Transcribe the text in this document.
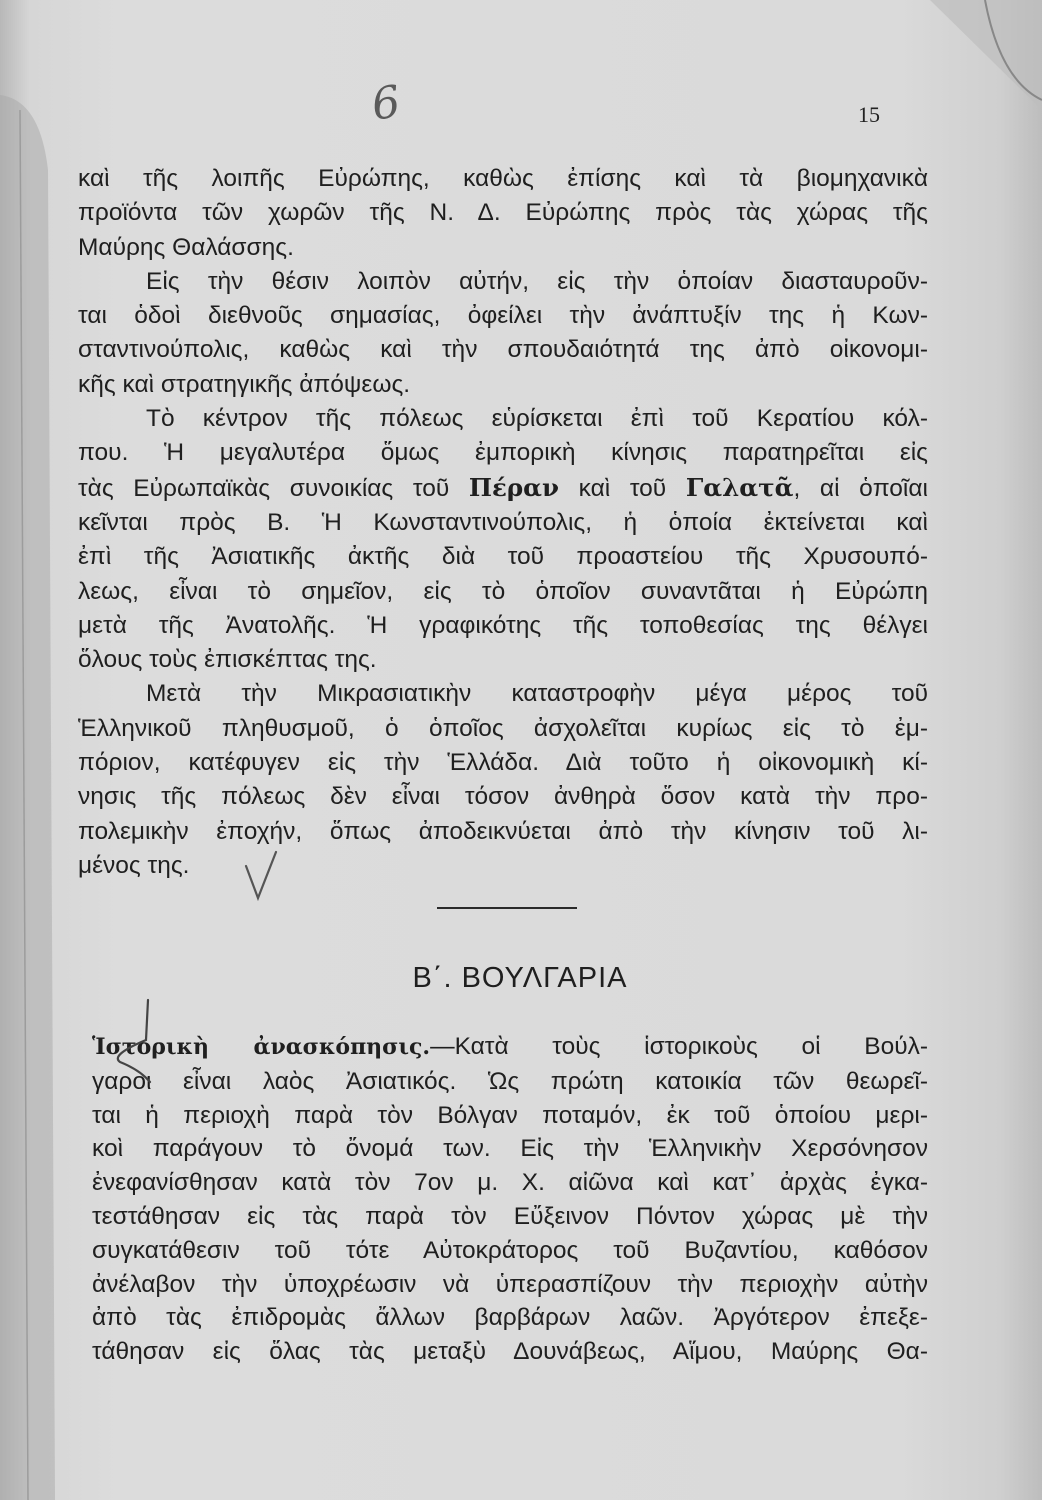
6	15
καὶ τῆς λοιπῆς Εὐρώπης, καθὼς ἐπίσης καὶ τὰ βιομηχανικὰ
προϊόντα τῶν χωρῶν τῆς Ν. Δ. Εὐρώπης πρὸς τὰς χώρας τῆς
Μαύρης Θαλάσσης.
Εἰς τὴν θέσιν λοιπὸν αὐτήν, εἰς τὴν ὁποίαν διασταυροῦν-
ται ὁδοὶ διεθνοῦς σημασίας, ὀφείλει τὴν ἀνάπτυξίν της ἡ Κων-
σταντινούπολις, καθὼς καὶ τὴν σπουδαιότητά της ἀπὸ οἰκονομι-
κῆς καὶ στρατηγικῆς ἀπόψεως.
Τὸ κέντρον τῆς πόλεως εὑρίσκεται ἐπὶ τοῦ Κερατίου κόλ-
που. Ἡ μεγαλυτέρα ὅμως ἐμπορικὴ κίνησις παρατηρεῖται εἰς
τὰς Εὐρωπαϊκὰς συνοικίας τοῦ Πέραν καὶ τοῦ Γαλατᾶ, αἱ ὁποῖαι
κεῖνται πρὸς Β. Ἡ Κωνσταντινούπολις, ἡ ὁποία ἐκτείνεται καὶ
ἐπὶ τῆς Ἀσιατικῆς ἀκτῆς διὰ τοῦ προαστείου τῆς Χρυσουπό-
λεως, εἶναι τὸ σημεῖον, εἰς τὸ ὁποῖον συναντᾶται ἡ Εὐρώπη
μετὰ τῆς Ἀνατολῆς. Ἡ γραφικότης τῆς τοποθεσίας της θέλγει
ὅλους τοὺς ἐπισκέπτας της.
Μετὰ τὴν Μικρασιατικὴν καταστροφὴν μέγα μέρος τοῦ
Ἑλληνικοῦ πληθυσμοῦ, ὁ ὁποῖος ἀσχολεῖται κυρίως εἰς τὸ ἐμ-
πόριον, κατέφυγεν εἰς τὴν Ἑλλάδα. Διὰ τοῦτο ἡ οἰκονομικὴ κί-
νησις τῆς πόλεως δὲν εἶναι τόσον ἀνθηρὰ ὅσον κατὰ τὴν προ-
πολεμικὴν ἐποχήν, ὅπως ἀποδεικνύεται ἀπὸ τὴν κίνησιν τοῦ λι-
μένος της.
Β΄. ΒΟΥΛΓΑΡΙΑ
Ἱστορικὴ ἀνασκόπησις.—Κατὰ τοὺς ἱστορικοὺς οἱ Βούλ-
γαροι εἶναι λαὸς Ἀσιατικός. Ὡς πρώτη κατοικία τῶν θεωρεῖ-
ται ἡ περιοχὴ παρὰ τὸν Βόλγαν ποταμόν, ἐκ τοῦ ὁποίου μερι-
κοὶ παράγουν τὸ ὄνομά των. Εἰς τὴν Ἑλληνικὴν Χερσόνησον
ἐνεφανίσθησαν κατὰ τὸν 7ον μ. Χ. αἰῶνα καὶ κατ᾽ ἀρχὰς ἐγκα-
τεστάθησαν εἰς τὰς παρὰ τὸν Εὔξεινον Πόντον χώρας μὲ τὴν
συγκατάθεσιν τοῦ τότε Αὐτοκράτορος τοῦ Βυζαντίου, καθόσον
ἀνέλαβον τὴν ὑποχρέωσιν νὰ ὑπερασπίζουν τὴν περιοχὴν αὐτὴν
ἀπὸ τὰς ἐπιδρομὰς ἄλλων βαρβάρων λαῶν. Ἀργότερον ἐπεξε-
τάθησαν εἰς ὅλας τὰς μεταξὺ Δουνάβεως, Αἵμου, Μαύρης Θα-
